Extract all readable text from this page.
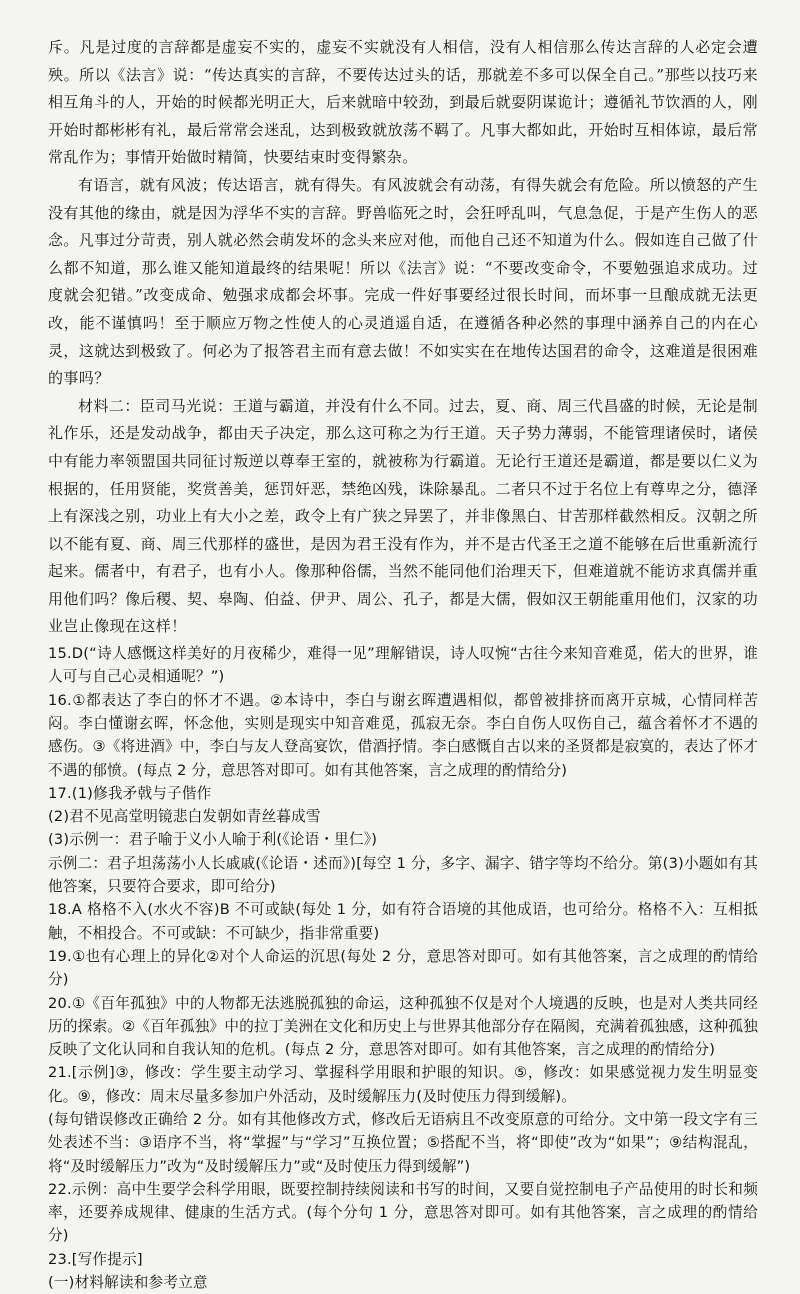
斥。凡是过度的言辞都是虚妄不实的，虚妄不实就没有人相信，没有人相信那么传达言辞的人必定会遭殃。所以《法言》说：“传达真实的言辞，不要传达过头的话，那就差不多可以保全自己。”那些以技巧来相互角斗的人，开始的时候都光明正大，后来就暗中较劲，到最后就耍阴谋诡计；遵循礼节饮酒的人，刚开始时都彬彬有礼，最后常常会迷乱，达到极致就放荡不羁了。凡事大都如此，开始时互相体谅，最后常常乱作为；事情开始做时精简，快要结束时变得繁杂。

有语言，就有风波；传达语言，就有得失。有风波就会有动荡，有得失就会有危险。所以愤怒的产生没有其他的缘由，就是因为浮华不实的言辞。野兽临死之时，会狂呼乱叫，气息急促，于是产生伤人的恶念。凡事过分苛责，别人就必然会萌发坏的念头来应对他，而他自己还不知道为什么。假如连自己做了什么都不知道，那么谁又能知道最终的结果呢！所以《法言》说：“不要改变命令，不要勉强追求成功。过度就会犯错。”改变成命、勉强求成都会坏事。完成一件好事要经过很长时间，而坏事一旦酿成就无法更改，能不谨慎吗！至于顺应万物之性使人的心灵逍遥自适，在遵循各种必然的事理中涵养自己的内在心灵，这就达到极致了。何必为了报答君主而有意去做！不如实实在在地传达国君的命令，这难道是很困难的事吗？

材料二：臣司马光说：王道与霸道，并没有什么不同。过去，夏、商、周三代昌盛的时候，无论是制礼作乐，还是发动战争，都由天子决定，那么这可称之为行王道。天子势力薄弱，不能管理诸侯时，诸侯中有能力率领盟国共同征讨叛逆以尊奉王室的，就被称为行霸道。无论行王道还是霸道，都是要以仁义为根据的，任用贤能，奖赏善美，惩罚奸恶，禁绝凶残，诛除暴乱。二者只不过于名位上有尊卑之分，德泽上有深浅之别，功业上有大小之差，政令上有广狭之异罢了，并非像黑白、甘苦那样截然相反。汉朝之所以不能有夏、商、周三代那样的盛世，是因为君王没有作为，并不是古代圣王之道不能够在后世重新流行起来。儒者中，有君子，也有小人。像那种俗儒，当然不能同他们治理天下，但难道就不能访求真儒并重用他们吗？像后稷、契、皋陶、伯益、伊尹、周公、孔子，都是大儒，假如汉王朝能重用他们，汉家的功业岂止像现在这样！

15.D(“诗人感慨这样美好的月夜稀少，难得一见”理解错误，诗人叹惋“古往今来知音难觅，偌大的世界，谁人可与自己心灵相通呢？”)

16.①都表达了李白的怀才不遇。②本诗中，李白与谢玄晖遭遇相似，都曾被排挤而离开京城，心情同样苦闷。李白懂谢玄晖，怀念他，实则是现实中知音难觅，孤寂无奈。李白自伤人叹伤自己，蕴含着怀才不遇的感伤。③《将进酒》中，李白与友人登高宴饮，借酒抒情。李白感慨自古以来的圣贤都是寂寞的，表达了怀才不遇的郁愤。(每点 2 分，意思答对即可。如有其他答案，言之成理的酌情给分)

17.(1)修我矛戟与子偕作

(2)君不见高堂明镜悲白发朝如青丝暮成雪

(3)示例一：君子喻于义小人喻于利(《论语・里仁》)

示例二：君子坦荡荡小人长戚戚(《论语・述而》)[每空 1 分，多字、漏字、错字等均不给分。第(3)小题如有其他答案，只要符合要求，即可给分)

18.A 格格不入(水火不容)B 不可或缺(每处 1 分，如有符合语境的其他成语，也可给分。格格不入：互相抵触，不相投合。不可或缺：不可缺少，指非常重要)

19.①也有心理上的异化②对个人命运的沉思(每处 2 分，意思答对即可。如有其他答案，言之成理的酌情给分)

20.①《百年孤独》中的人物都无法逃脱孤独的命运，这种孤独不仅是对个人境遇的反映，也是对人类共同经历的探索。②《百年孤独》中的拉丁美洲在文化和历史上与世界其他部分存在隔阂，充满着孤独感，这种孤独反映了文化认同和自我认知的危机。(每点 2 分，意思答对即可。如有其他答案，言之成理的酌情给分)

21.[示例]③，修改：学生要主动学习、掌握科学用眼和护眼的知识。⑤，修改：如果感觉视力发生明显变化。⑨，修改：周末尽量多参加户外活动，及时缓解压力(及时使压力得到缓解)。

(每句错误修改正确给 2 分。如有其他修改方式，修改后无语病且不改变原意的可给分。文中第一段文字有三处表述不当：③语序不当，将“掌握”与“学习”互换位置；⑤搭配不当，将“即使”改为“如果”；⑨结构混乱，将“及时缓解压力”改为“及时缓解压力”或“及时使压力得到缓解”)

22.示例：高中生要学会科学用眼，既要控制持续阅读和书写的时间，又要自觉控制电子产品使用的时长和频率，还要养成规律、健康的生活方式。(每个分句 1 分，意思答对即可。如有其他答案，言之成理的酌情给分)

23.[写作提示]

(一)材料解读和参考立意
